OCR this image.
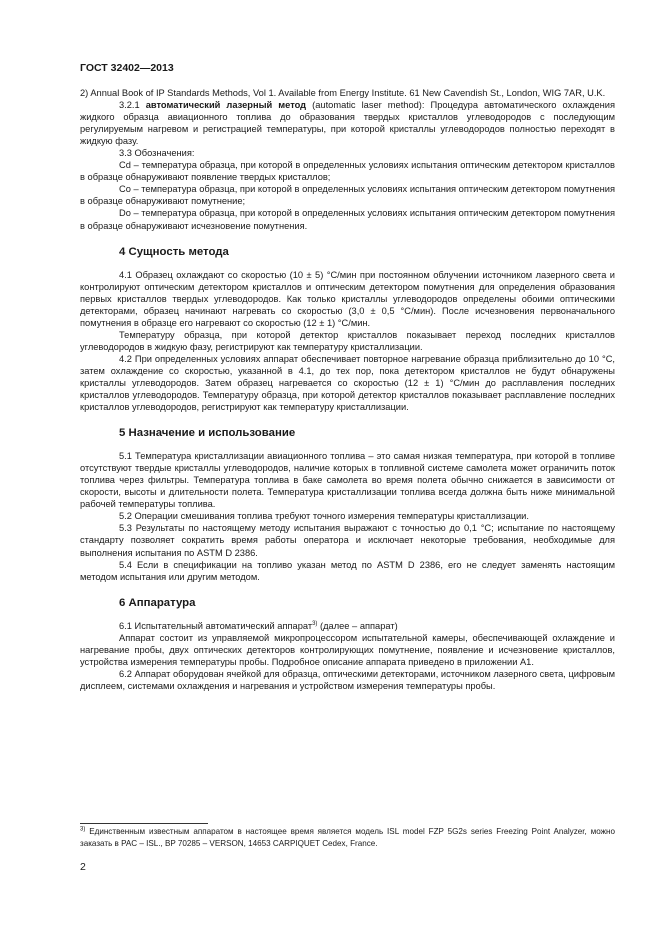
ГОСТ 32402—2013

2) Annual Book of IP Standards Methods, Vol 1. Available from Energy Institute. 61 New Cavendish St., London, WIG 7AR, U.K.

3.2.1 автоматический лазерный метод (automatic laser method): Процедура автоматического охлаждения жидкого образца авиационного топлива до образования твердых кристаллов углеводородов с последующим регулируемым нагревом и регистрацией температуры, при которой кристаллы углеводородов полностью переходят в жидкую фазу.

3.3 Обозначения:

Cd – температура образца, при которой в определенных условиях испытания оптическим детектором кристаллов в образце обнаруживают появление твердых кристаллов;

Co – температура образца, при которой в определенных условиях испытания оптическим детектором помутнения в образце обнаруживают помутнение;

Do – температура образца, при которой в определенных условиях испытания оптическим детектором помутнения в образце обнаруживают исчезновение помутнения.

4 Сущность метода

4.1 Образец охлаждают со скоростью (10 ± 5) °С/мин при постоянном облучении источником лазерного света и контролируют оптическим детектором кристаллов и оптическим детектором помутнения для определения образования первых кристаллов твердых углеводородов. Как только кристаллы углеводородов определены обоими оптическими детекторами, образец начинают нагревать со скоростью (3,0 ± 0,5 °С/мин). После исчезновения первоначального помутнения в образце его нагревают со скоростью (12 ± 1) °С/мин.

Температуру образца, при которой детектор кристаллов показывает переход последних кристаллов углеводородов в жидкую фазу, регистрируют как температуру кристаллизации.

4.2 При определенных условиях аппарат обеспечивает повторное нагревание образца приблизительно до 10 °С, затем охлаждение со скоростью, указанной в 4.1, до тех пор, пока детектором кристаллов не будут обнаружены кристаллы углеводородов. Затем образец нагревается со скоростью (12 ± 1) °С/мин до расплавления последних кристаллов углеводородов. Температуру образца, при которой детектор кристаллов показывает расплавление последних кристаллов углеводородов, регистрируют как температуру кристаллизации.

5 Назначение и использование

5.1 Температура кристаллизации авиационного топлива – это самая низкая температура, при которой в топливе отсутствуют твердые кристаллы углеводородов, наличие которых в топливной системе самолета может ограничить поток топлива через фильтры. Температура топлива в баке самолета во время полета обычно снижается в зависимости от скорости, высоты и длительности полета. Температура кристаллизации топлива всегда должна быть ниже минимальной рабочей температуры топлива.

5.2 Операции смешивания топлива требуют точного измерения температуры кристаллизации.

5.3 Результаты по настоящему методу испытания выражают с точностью до 0,1 °С; испытание по настоящему стандарту позволяет сократить время работы оператора и исключает некоторые требования, необходимые для выполнения испытания по ASTM D 2386.

5.4 Если в спецификации на топливо указан метод по ASTM D 2386, его не следует заменять настоящим методом испытания или другим методом.

6 Аппаратура

6.1 Испытательный автоматический аппарат$^{3)}$ (далее – аппарат)

Аппарат состоит из управляемой микропроцессором испытательной камеры, обеспечивающей охлаждение и нагревание пробы, двух оптических детекторов контролирующих помутнение, появление и исчезновение кристаллов, устройства измерения температуры пробы. Подробное описание аппарата приведено в приложении А1.

6.2 Аппарат оборудован ячейкой для образца, оптическими детекторами, источником лазерного света, цифровым дисплеем, системами охлаждения и нагревания и устройством измерения температуры пробы.

$^{3)}$ Единственным известным аппаратом в настоящее время является модель ISL model FZP 5G2s series Freezing Point Analyzer, можно заказать в PAC – ISL., BP 70285 – VERSON, 14653 CARPIQUET Cedex, France.
2
